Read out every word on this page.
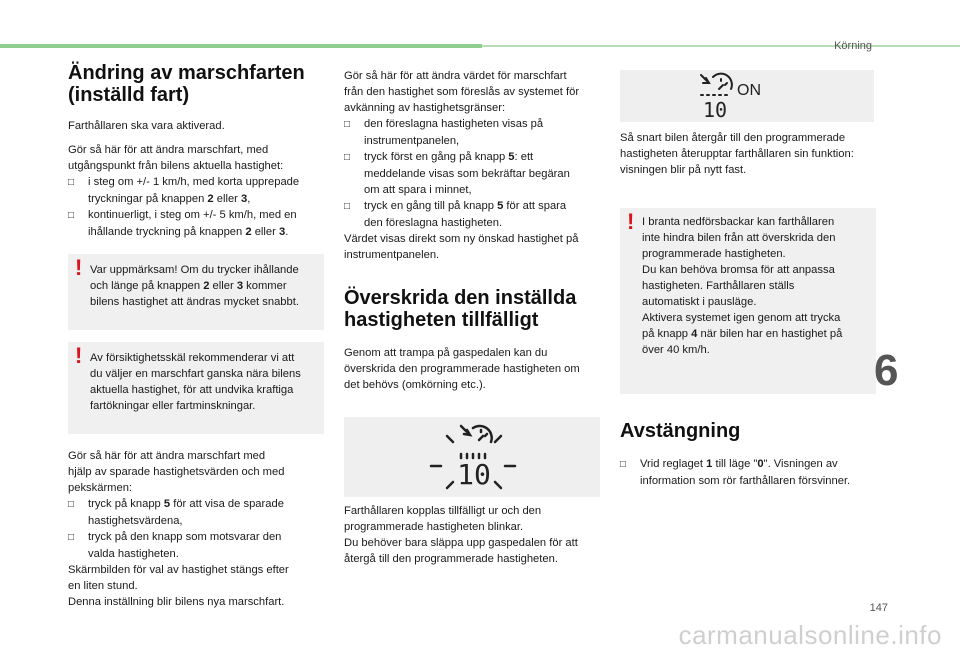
Körning
Ändring av marschfarten
(inställd fart)

Farthållaren ska vara aktiverad.

Gör så här för att ändra marschfart, med
utgångspunkt från bilens aktuella hastighet:

□ i steg om +/- 1 km/h, med korta upprepade
tryckningar på knappen 2 eller 3,

□ kontinuerligt, i steg om +/- 5 km/h, med en
ihållande tryckning på knappen 2 eller 3.

! Var uppmärksam! Om du trycker ihållande
och länge på knappen 2 eller 3 kommer
bilens hastighet att ändras mycket snabbt.

! Av försiktighetsskäl rekommenderar vi att
du väljer en marschfart ganska nära bilens
aktuella hastighet, för att undvika kraftiga
fartökningar eller fartminskningar.

Gör så här för att ändra marschfart med
hjälp av sparade hastighetsvärden och med
pekskärmen:

□ tryck på knapp 5 för att visa de sparade
hastighetsvärdena,

□ tryck på den knapp som motsvarar den
valda hastigheten.

Skärmbilden för val av hastighet stängs efter
en liten stund.

Denna inställning blir bilens nya marschfart.

Gör så här för att ändra värdet för marschfart
från den hastighet som föreslås av systemet för
avkänning av hastighetsgränser:

□ den föreslagna hastigheten visas på
instrumentpanelen,

□ tryck först en gång på knapp 5: ett
meddelande visas som bekräftar begäran
om att spara i minnet,

□ tryck en gång till på knapp 5 för att spara
den föreslagna hastigheten.

Värdet visas direkt som ny önskad hastighet på
instrumentpanelen.

Överskrida den inställda
hastigheten tillfälligt

Genom att trampa på gaspedalen kan du
överskrida den programmerade hastigheten om
det behövs (omkörning etc.).

10

Farthållaren kopplas tillfälligt ur och den
programmerade hastigheten blinkar.
Du behöver bara släppa upp gaspedalen för att
återgå till den programmerade hastigheten.

10
ON

Så snart bilen återgår till den programmerade
hastigheten återupptar farthållaren sin funktion:
visningen blir på nytt fast.

! I branta nedförsbackar kan farthållaren
inte hindra bilen från att överskrida den
programmerade hastigheten.
Du kan behöva bromsa för att anpassa
hastigheten. Farthållaren ställs
automatiskt i pausläge.
Aktivera systemet igen genom att trycka
på knapp 4 när bilen har en hastighet på
över 40 km/h.

Avstängning

□ Vrid reglaget 1 till läge "0". Visningen av
information som rör farthållaren försvinner.

6
147
carmanualsonline.info
